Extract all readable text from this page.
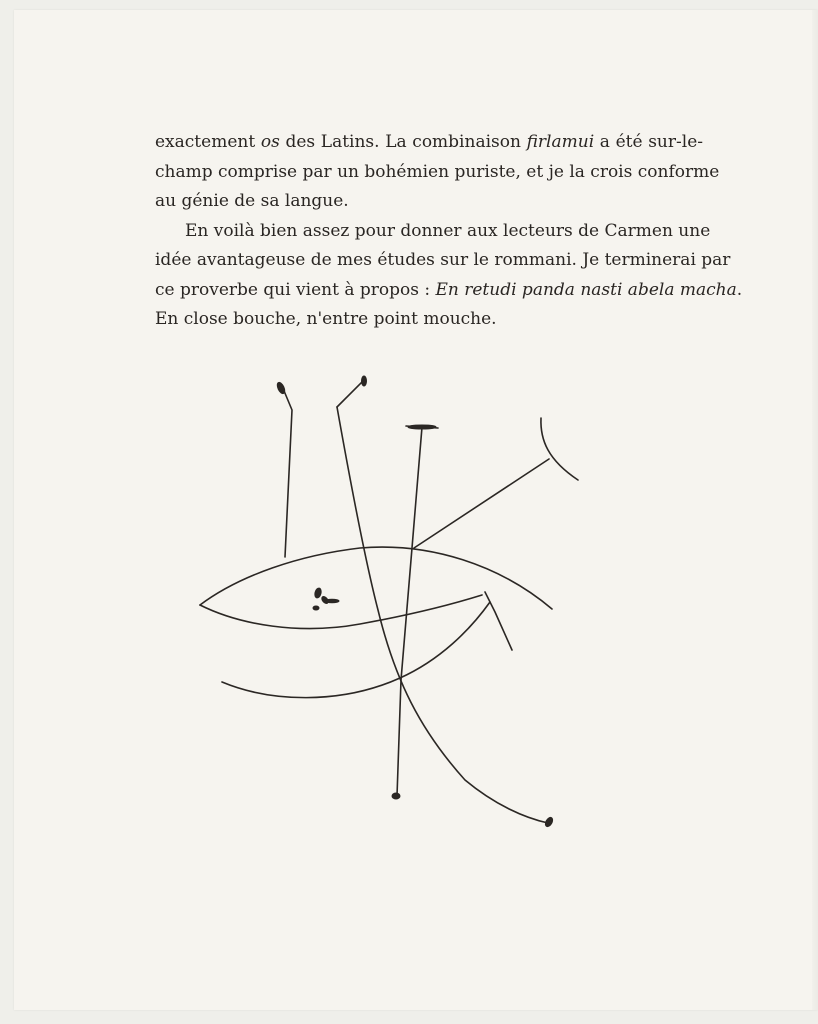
exactement os des Latins. La combinaison firlamui a été sur-le-
champ comprise par un bohémien puriste, et je la crois conforme
au génie de sa langue.
En voilà bien assez pour donner aux lecteurs de Carmen une
idée avantageuse de mes études sur le rommani. Je terminerai par
ce proverbe qui vient à propos : En retudi panda nasti abela macha.
En close bouche, n'entre point mouche.
